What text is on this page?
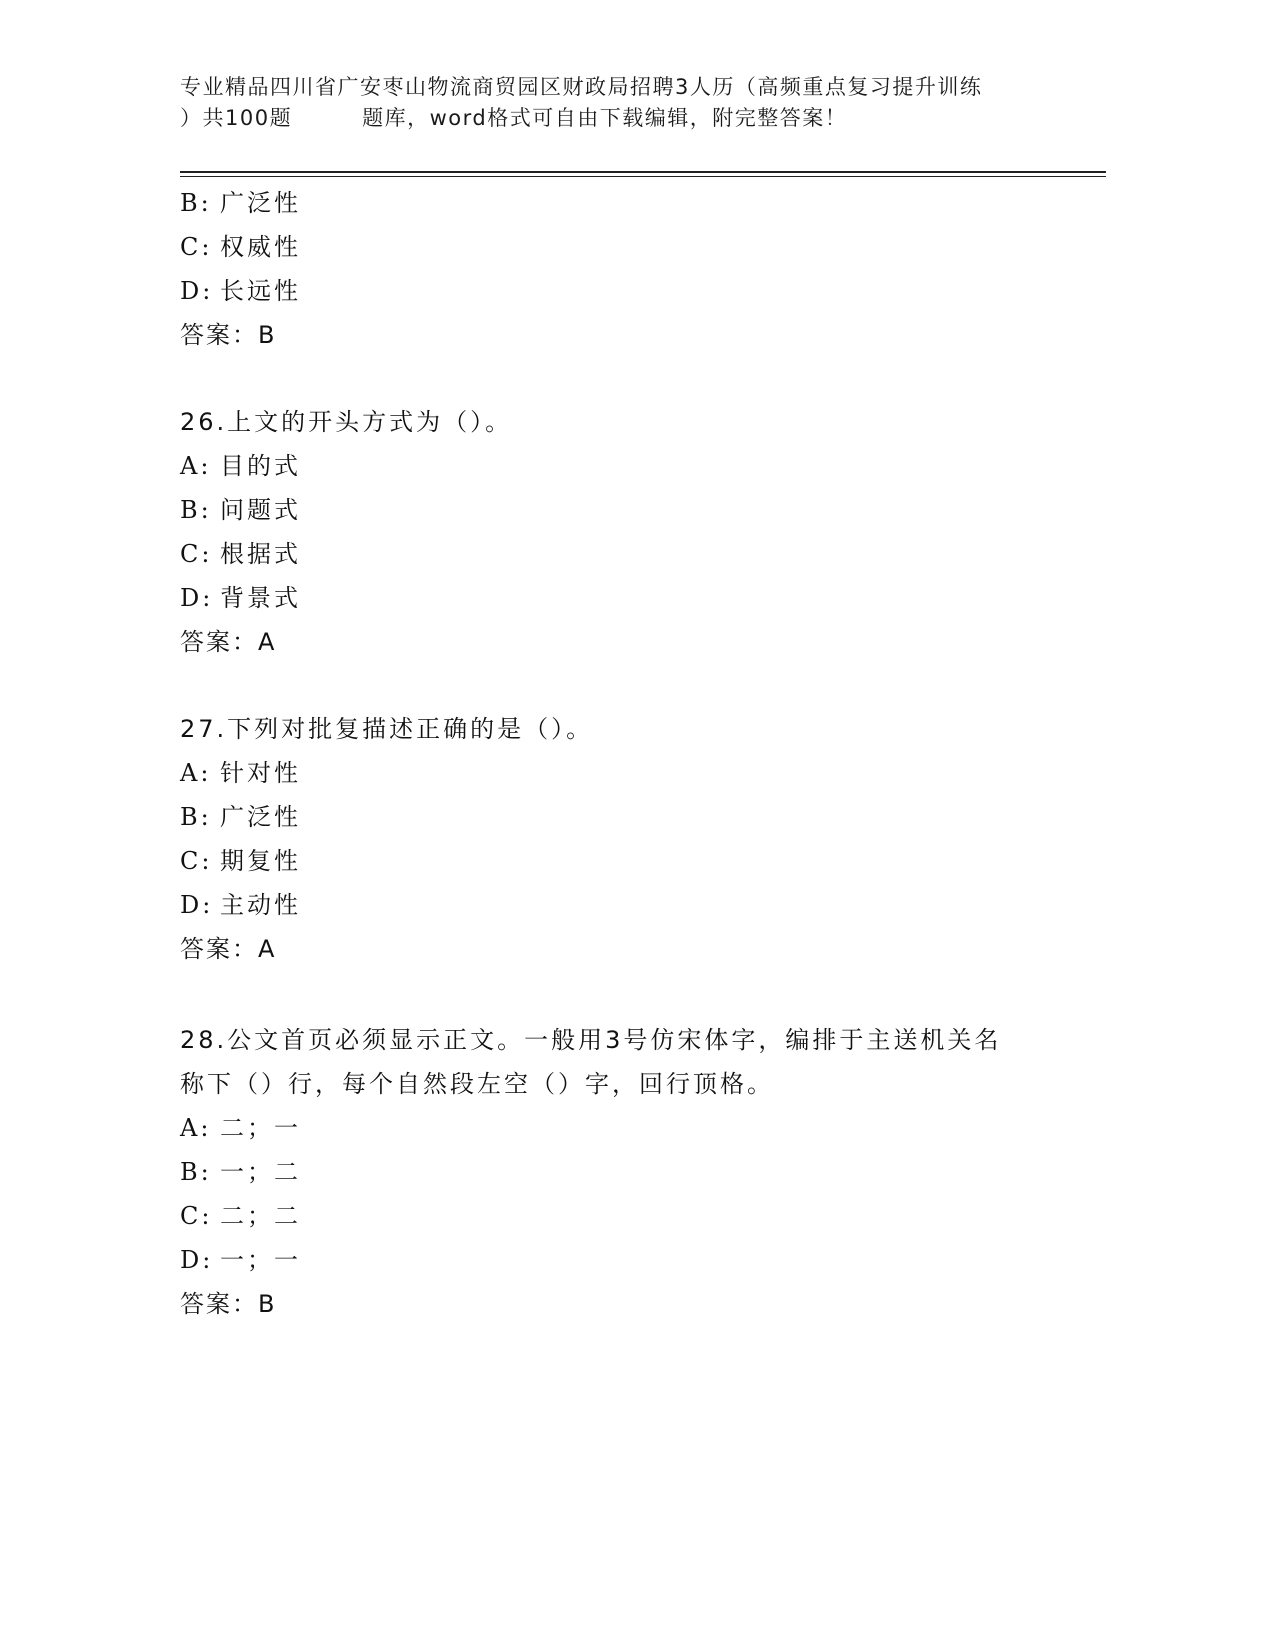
专业精品四川省广安枣山物流商贸园区财政局招聘3人历（高频重点复习提升训练
）共100题	题库，word格式可自由下载编辑，附完整答案！
B: 广泛性
C: 权威性
D: 长远性
答案：B
26.上文的开头方式为（）。
A: 目的式
B: 问题式
C: 根据式
D: 背景式
答案：A
27.下列对批复描述正确的是（）。
A: 针对性
B: 广泛性
C: 期复性
D: 主动性
答案：A
28.公文首页必须显示正文。一般用3号仿宋体字，编排于主送机关名
称下（）行，每个自然段左空（）字，回行顶格。
A: 二；一
B: 一；二
C: 二；二
D: 一；一
答案：B
